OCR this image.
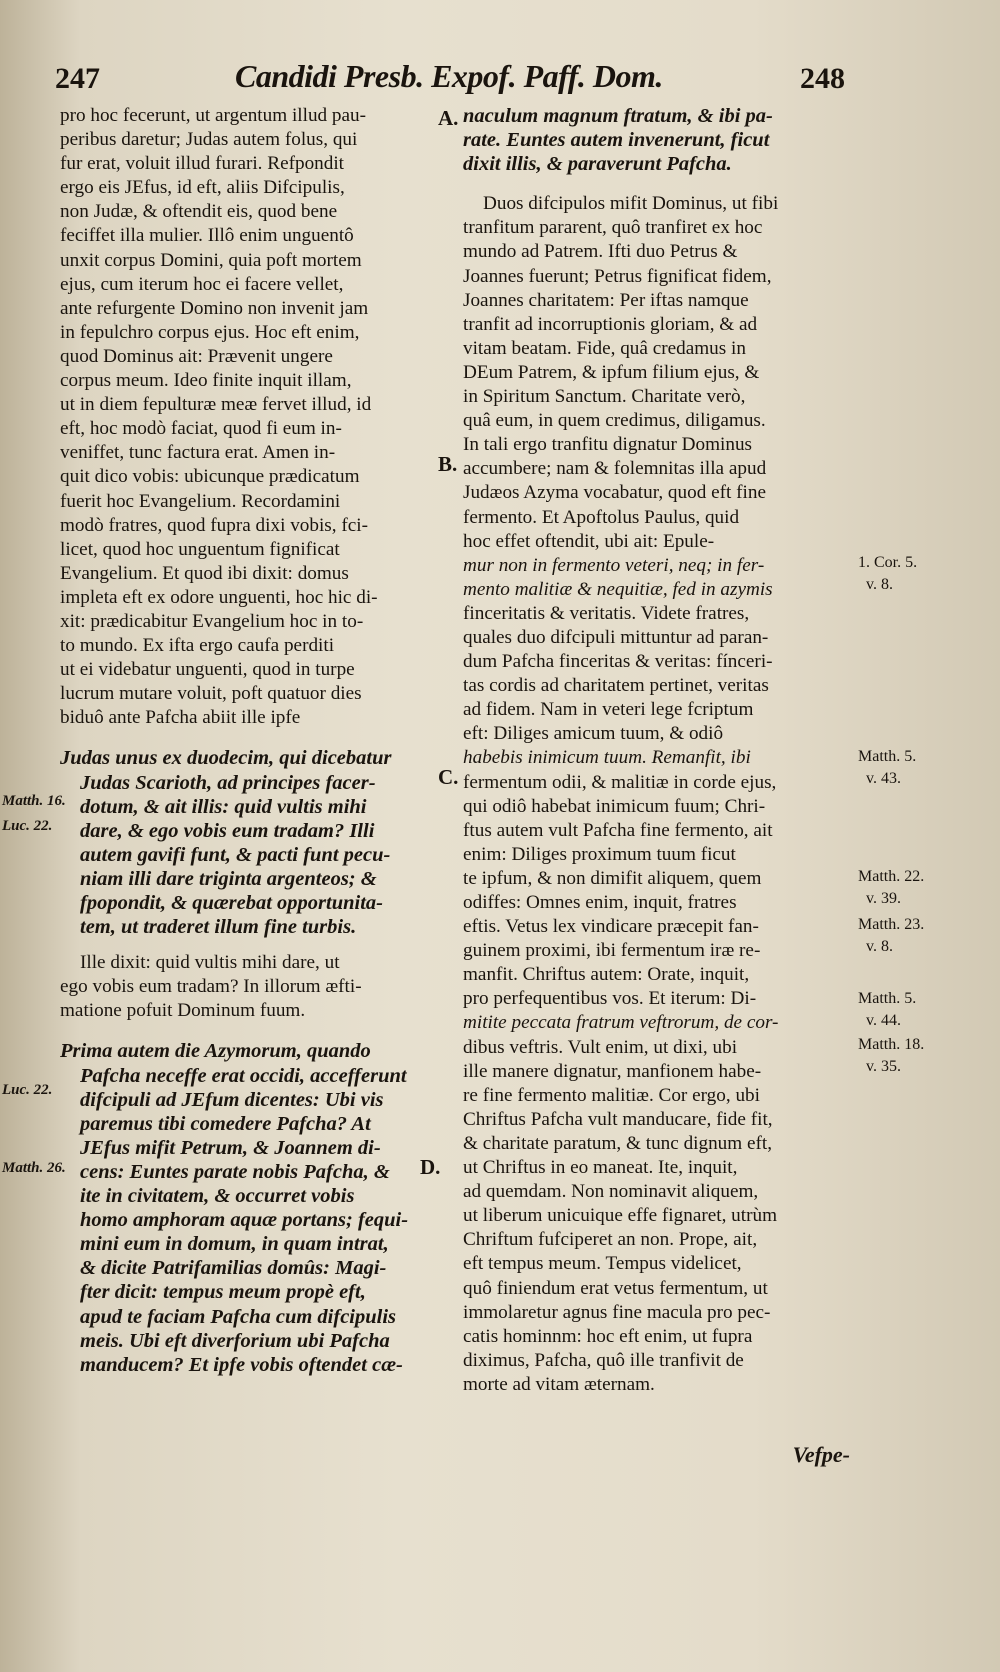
247	Candidi Presb. Expof. Paff. Dom.	248
pro hoc fecerunt, ut argentum illud pau-
peribus daretur; Judas autem folus, qui
fur erat, voluit illud furari. Refpondit
ergo eis JEfus, id eft, aliis Difcipulis,
non Judæ, & oftendit eis, quod bene
feciffet illa mulier. Illô enim unguentô
unxit corpus Domini, quia poft mortem
ejus, cum iterum hoc ei facere vellet,
ante refurgente Domino non invenit jam
in fepulchro corpus ejus. Hoc eft enim,
quod Dominus ait: Prævenit ungere
corpus meum. Ideo finite inquit illam,
ut in diem fepulturæ meæ fervet illud, id
eft, hoc modò faciat, quod fi eum in-
veniffet, tunc factura erat. Amen in-
quit dico vobis: ubicunque prædicatum
fuerit hoc Evangelium. Recordamini
modò fratres, quod fupra dixi vobis, fci-
licet, quod hoc unguentum fignificat
Evangelium. Et quod ibi dixit: domus
impleta eft ex odore unguenti, hoc hic di-
xit: prædicabitur Evangelium hoc in to-
to mundo. Ex ifta ergo caufa perditi
ut ei videbatur unguenti, quod in turpe
lucrum mutare voluit, poft quatuor dies
biduô ante Pafcha abiit ille ipfe
Judas unus ex duodecim, qui dicebatur
Judas Scarioth, ad principes facer-
dotum, & ait illis: quid vultis mihi
dare, & ego vobis eum tradam? Illi
autem gavifi funt, & pacti funt pecu-
niam illi dare triginta argenteos; &
fpopondit, & quærebat opportunita-
tem, ut traderet illum fine turbis.
Ille dixit: quid vultis mihi dare, ut
ego vobis eum tradam? In illorum æfti-
matione pofuit Dominum fuum.
Prima autem die Azymorum, quando
Pafcha neceffe erat occidi, accefferunt
difcipuli ad JEfum dicentes: Ubi vis
paremus tibi comedere Pafcha? At
JEfus mifit Petrum, & Joannem di-
cens: Euntes parate nobis Pafcha, &
ite in civitatem, & occurret vobis
homo amphoram aquæ portans; fequi-
mini eum in domum, in quam intrat,
& dicite Patrifamilias domûs: Magi-
fter dicit: tempus meum propè eft,
apud te faciam Pafcha cum difcipulis
meis. Ubi eft diverforium ubi Pafcha
manducem? Et ipfe vobis oftendet cæ-
naculum magnum ftratum, & ibi pa-
rate. Euntes autem invenerunt, ficut
dixit illis, & paraverunt Pafcha.
Duos difcipulos mifit Dominus, ut fibi
tranfitum pararent, quô tranfiret ex hoc
mundo ad Patrem. Ifti duo Petrus &
Joannes fuerunt; Petrus fignificat fidem,
Joannes charitatem: Per iftas namque
tranfit ad incorruptionis gloriam, & ad
vitam beatam. Fide, quâ credamus in
DEum Patrem, & ipfum filium ejus, &
in Spiritum Sanctum. Charitate verò,
quâ eum, in quem credimus, diligamus.
In tali ergo tranfitu dignatur Dominus
accumbere; nam & folemnitas illa apud
Judæos Azyma vocabatur, quod eft fine
fermento. Et Apoftolus Paulus, quid
hoc effet oftendit, ubi ait: Epule-
mur non in fermento veteri, neq; in fer-
mento malitiæ & nequitiæ, fed in azymis
finceritatis & veritatis. Videte fratres,
quales duo difcipuli mittuntur ad paran-
dum Pafcha finceritas & veritas: fínceri-
tas cordis ad charitatem pertinet, veritas
ad fidem. Nam in veteri lege fcriptum
eft: Diliges amicum tuum, & odiô
habebis inimicum tuum. Remanfit, ibi
fermentum odii, & malitiæ in corde ejus,
qui odiô habebat inimicum fuum; Chri-
ftus autem vult Pafcha fine fermento, ait
enim: Diliges proximum tuum ficut
te ipfum, & non dimifit aliquem, quem
odiffes: Omnes enim, inquit, fratres
eftis. Vetus lex vindicare præcepit fan-
guinem proximi, ibi fermentum iræ re-
manfit. Chriftus autem: Orate, inquit,
pro perfequentibus vos. Et iterum: Di-
mitite peccata fratrum veftrorum, de cor-
dibus veftris. Vult enim, ut dixi, ubi
ille manere dignatur, manfionem habe-
re fine fermento malitiæ. Cor ergo, ubi
Chriftus Pafcha vult manducare, fide fit,
& charitate paratum, & tunc dignum eft,
ut Chriftus in eo maneat. Ite, inquit,
ad quemdam. Non nominavit aliquem,
ut liberum unicuique effe fignaret, utrùm
Chriftum fufciperet an non. Prope, ait,
eft tempus meum. Tempus videlicet,
quô finiendum erat vetus fermentum, ut
immolaretur agnus fine macula pro pec-
catis hominnm: hoc eft enim, ut fupra
diximus, Pafcha, quô ille tranfivit de
morte ad vitam æternam.
A.
B.
C.
D.
Matth. 16.
Luc. 22.
Luc. 22.
Matth. 26.
1. Cor. 5.
v. 8.
Matth. 5.
v. 43.
Matth. 22.
v. 39.
Matth. 23.
v. 8.
Matth. 5.
v. 44.
Matth. 18.
v. 35.
Vefpe-
